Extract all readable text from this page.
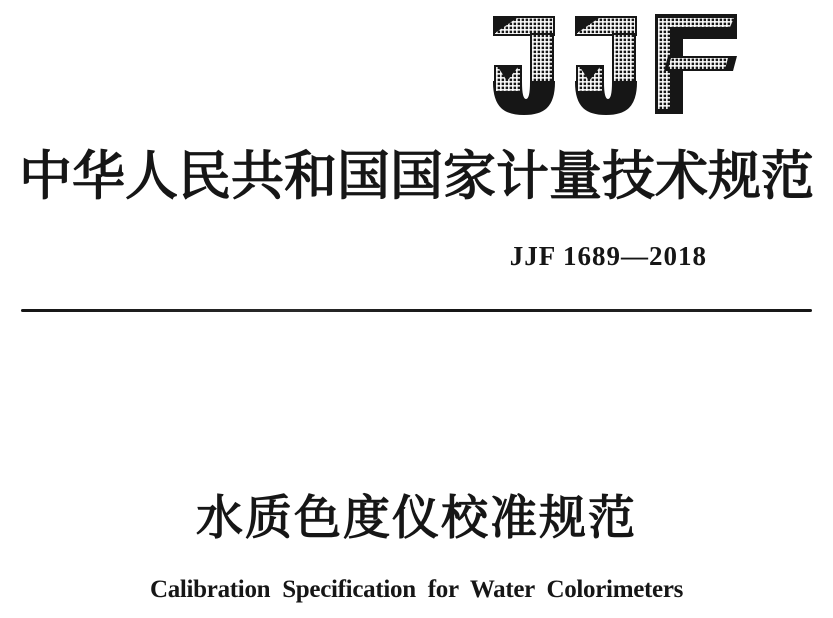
中华人民共和国国家计量技术规范

JJF 1689—2018

水质色度仪校准规范
Calibration Specification for Water Colorimeters
